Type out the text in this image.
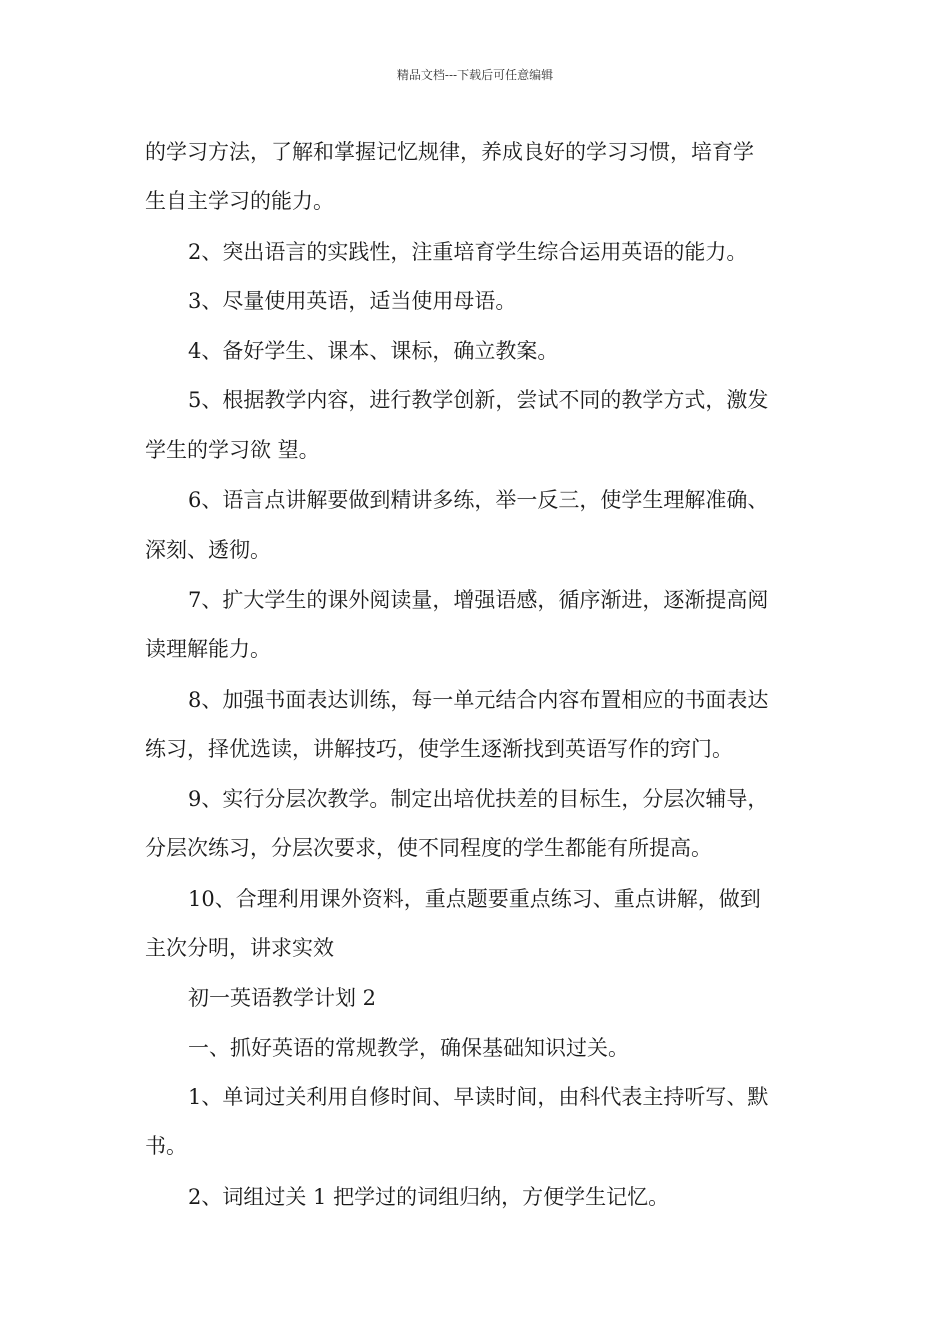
精品文档---下载后可任意编辑
的学习方法，了解和掌握记忆规律，养成良好的学习习惯，培育学
生自主学习的能力。
2、突出语言的实践性，注重培育学生综合运用英语的能力。
3、尽量使用英语，适当使用母语。
4、备好学生、课本、课标，确立教案。
5、根据教学内容，进行教学创新，尝试不同的教学方式，激发
学生的学习欲 望。
6、语言点讲解要做到精讲多练，举一反三，使学生理解准确、
深刻、透彻。
7、扩大学生的课外阅读量，增强语感，循序渐进，逐渐提高阅
读理解能力。
8、加强书面表达训练，每一单元结合内容布置相应的书面表达
练习，择优选读，讲解技巧，使学生逐渐找到英语写作的窍门。
9、实行分层次教学。制定出培优扶差的目标生，分层次辅导，
分层次练习，分层次要求，使不同程度的学生都能有所提高。
10、合理利用课外资料，重点题要重点练习、重点讲解，做到
主次分明，讲求实效
初一英语教学计划 2
一、抓好英语的常规教学，确保基础知识过关。
1、单词过关利用自修时间、早读时间，由科代表主持听写、默
书。
2、词组过关 1 把学过的词组归纳，方便学生记忆。
